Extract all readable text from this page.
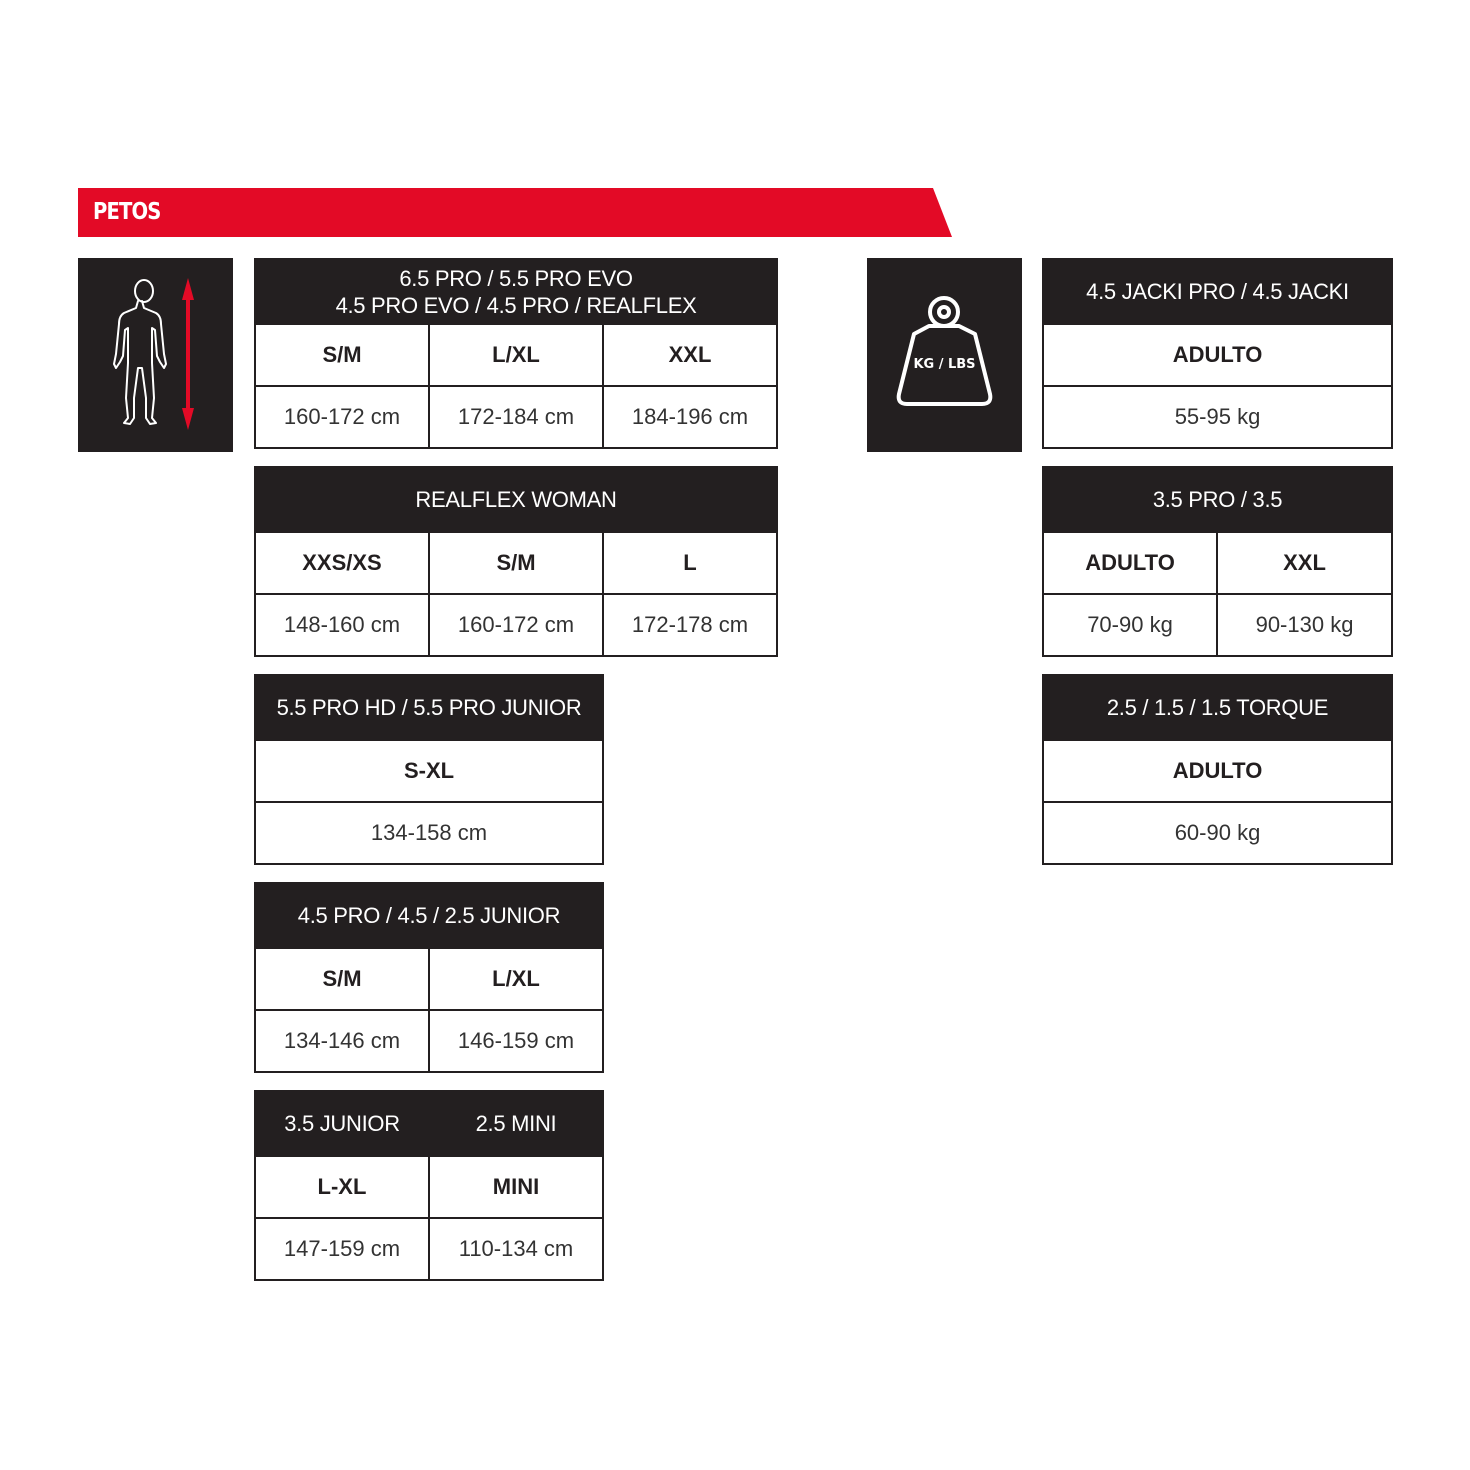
PETOS
KG / LBS
6.5 PRO / 5.5 PRO EVO
4.5 PRO EVO / 4.5 PRO / REALFLEX		

S/M	L/XL	XXL
160-172 cm	172-184 cm	184-196 cm
REALFLEX WOMAN		
XXS/XS	S/M	L
148-160 cm	160-172 cm	172-178 cm
5.5 PRO HD / 5.5 PRO JUNIOR
S-XL
134-158 cm
4.5 PRO / 4.5 / 2.5 JUNIOR	
S/M	L/XL
134-146 cm	146-159 cm
3.5 JUNIOR	2.5 MINI
L-XL	MINI
147-159 cm	110-134 cm
4.5 JACKI PRO / 4.5 JACKI
ADULTO
55-95 kg
3.5 PRO / 3.5	
ADULTO	XXL
70-90 kg	90-130 kg
2.5 / 1.5 / 1.5 TORQUE
ADULTO
60-90 kg
